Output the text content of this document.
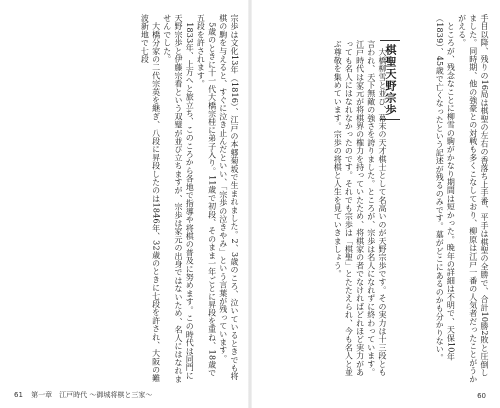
宗歩は文化13年（1816）、江戸の本郷菊坂で生まれました。2、3歳のころ、泣いているときでも将棋の駒を与えると、すぐに泣き止んだといい、「宗歩の泣きやみ」という言葉が残っています。
　5歳のときに十一代大橋宗桂に弟子入り。11歳で初段、そのまま一年ごとに昇段を重ね、18歳で五段を許されます。
　1833年、上方へと旅立ち、このころから各地で指導や将棋の普及に努めます。この時代は同門に天野宗歩と伊藤宗看という双璧が並び立ちますが、宗歩は家元の出身ではないため、名人にはなれませんでした。
　大橋分家の二代宗英を継ぎ、八段に昇段したのは1846年、32歳のときに七段を許され、大阪の難波新地で七段
61 第一章　江戸時代 ～御城将棋と三家～
手目以降、残りの16局は棋聖の左右の香落ち上手番、平手は棋聖の全勝で、合計10勝2敗と圧倒しました。同時期、他の強豪との対戦も多くこなしており、柳原は江戸一番の人気者だったことがうかがえる。
　ところが、残念なことに柳雪の駒がかなり期間は短かった。晩年の詳細は不明で、天保10年（1839）、45歳で亡くなったという記述が残るのみです。墓がどこにあるのかも分かりない。
棋聖天野宗歩
　大橋柳雪と並び、幕末の天才棋士として名高いのが天野宗歩です。その実力は十三段とも言われ、天下無敵の強さを誇りました。ところが、宗歩は名人になれずに終わっています。江戸時代は家元が将棋界の権力を持っていたため、将棋家の者でなければどれほど実力があっても名人にはなれなかったのです。それでも宗歩は「棋聖」とたたえられ、今も名人と並ぶ尊敬を集めています。宗歩の将棋と人生を見ていきましょう。
60
